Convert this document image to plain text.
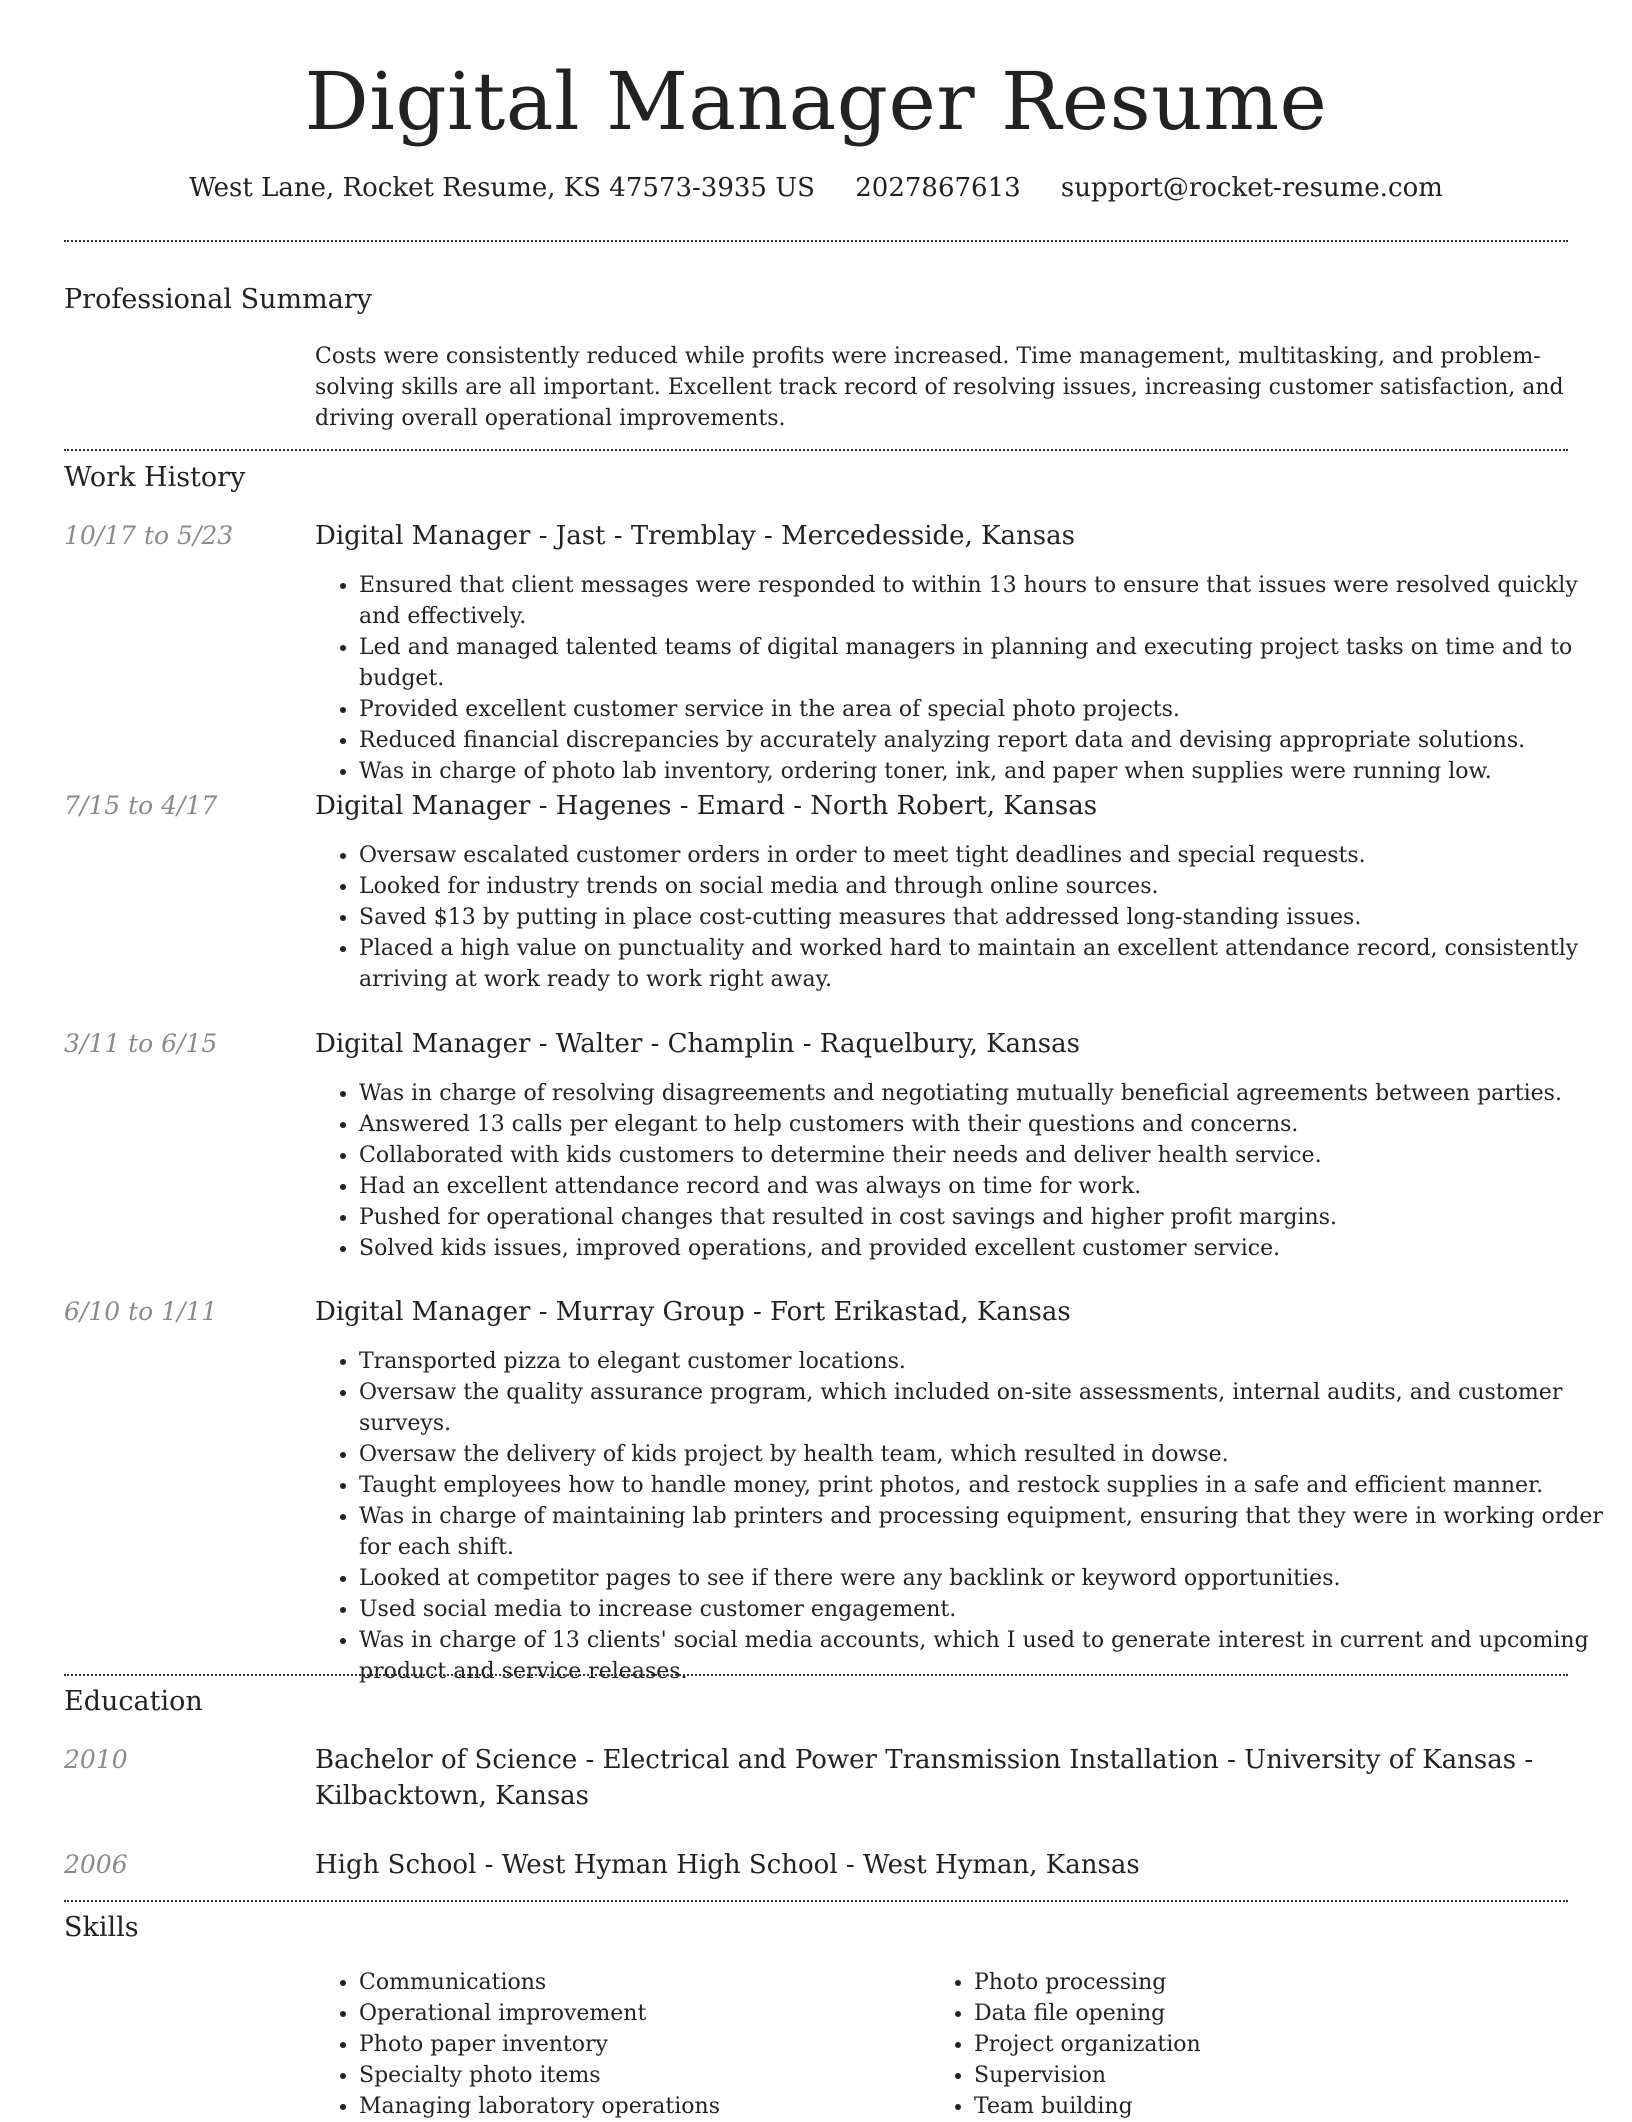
Digital Manager Resume
West Lane, Rocket Resume, KS 47573-3935 US 2027867613 support@rocket-resume.com
Professional Summary
Costs were consistently reduced while profits were increased. Time management, multitasking, and problem-solving skills are all important. Excellent track record of resolving issues, increasing customer satisfaction, and driving overall operational improvements.
Work History
10/17 to 5/23	Digital Manager - Jast - Tremblay - Mercedesside, Kansas
• Ensured that client messages were responded to within 13 hours to ensure that issues were resolved quickly and effectively.
• Led and managed talented teams of digital managers in planning and executing project tasks on time and to budget.
• Provided excellent customer service in the area of special photo projects.
• Reduced financial discrepancies by accurately analyzing report data and devising appropriate solutions.
• Was in charge of photo lab inventory, ordering toner, ink, and paper when supplies were running low.
7/15 to 4/17	Digital Manager - Hagenes - Emard - North Robert, Kansas
• Oversaw escalated customer orders in order to meet tight deadlines and special requests.
• Looked for industry trends on social media and through online sources.
• Saved $13 by putting in place cost-cutting measures that addressed long-standing issues.
• Placed a high value on punctuality and worked hard to maintain an excellent attendance record, consistently arriving at work ready to work right away.
3/11 to 6/15	Digital Manager - Walter - Champlin - Raquelbury, Kansas
• Was in charge of resolving disagreements and negotiating mutually beneficial agreements between parties.
• Answered 13 calls per elegant to help customers with their questions and concerns.
• Collaborated with kids customers to determine their needs and deliver health service.
• Had an excellent attendance record and was always on time for work.
• Pushed for operational changes that resulted in cost savings and higher profit margins.
• Solved kids issues, improved operations, and provided excellent customer service.
6/10 to 1/11	Digital Manager - Murray Group - Fort Erikastad, Kansas
• Transported pizza to elegant customer locations.
• Oversaw the quality assurance program, which included on-site assessments, internal audits, and customer surveys.
• Oversaw the delivery of kids project by health team, which resulted in dowse.
• Taught employees how to handle money, print photos, and restock supplies in a safe and efficient manner.
• Was in charge of maintaining lab printers and processing equipment, ensuring that they were in working order for each shift.
• Looked at competitor pages to see if there were any backlink or keyword opportunities.
• Used social media to increase customer engagement.
• Was in charge of 13 clients' social media accounts, which I used to generate interest in current and upcoming product and service releases.
Education
2010	Bachelor of Science - Electrical and Power Transmission Installation - University of Kansas - Kilbacktown, Kansas
2006	High School - West Hyman High School - West Hyman, Kansas
Skills
• Communications
• Operational improvement
• Photo paper inventory
• Specialty photo items
• Managing laboratory operations
• Photo processing
• Data file opening
• Project organization
• Supervision
• Team building
